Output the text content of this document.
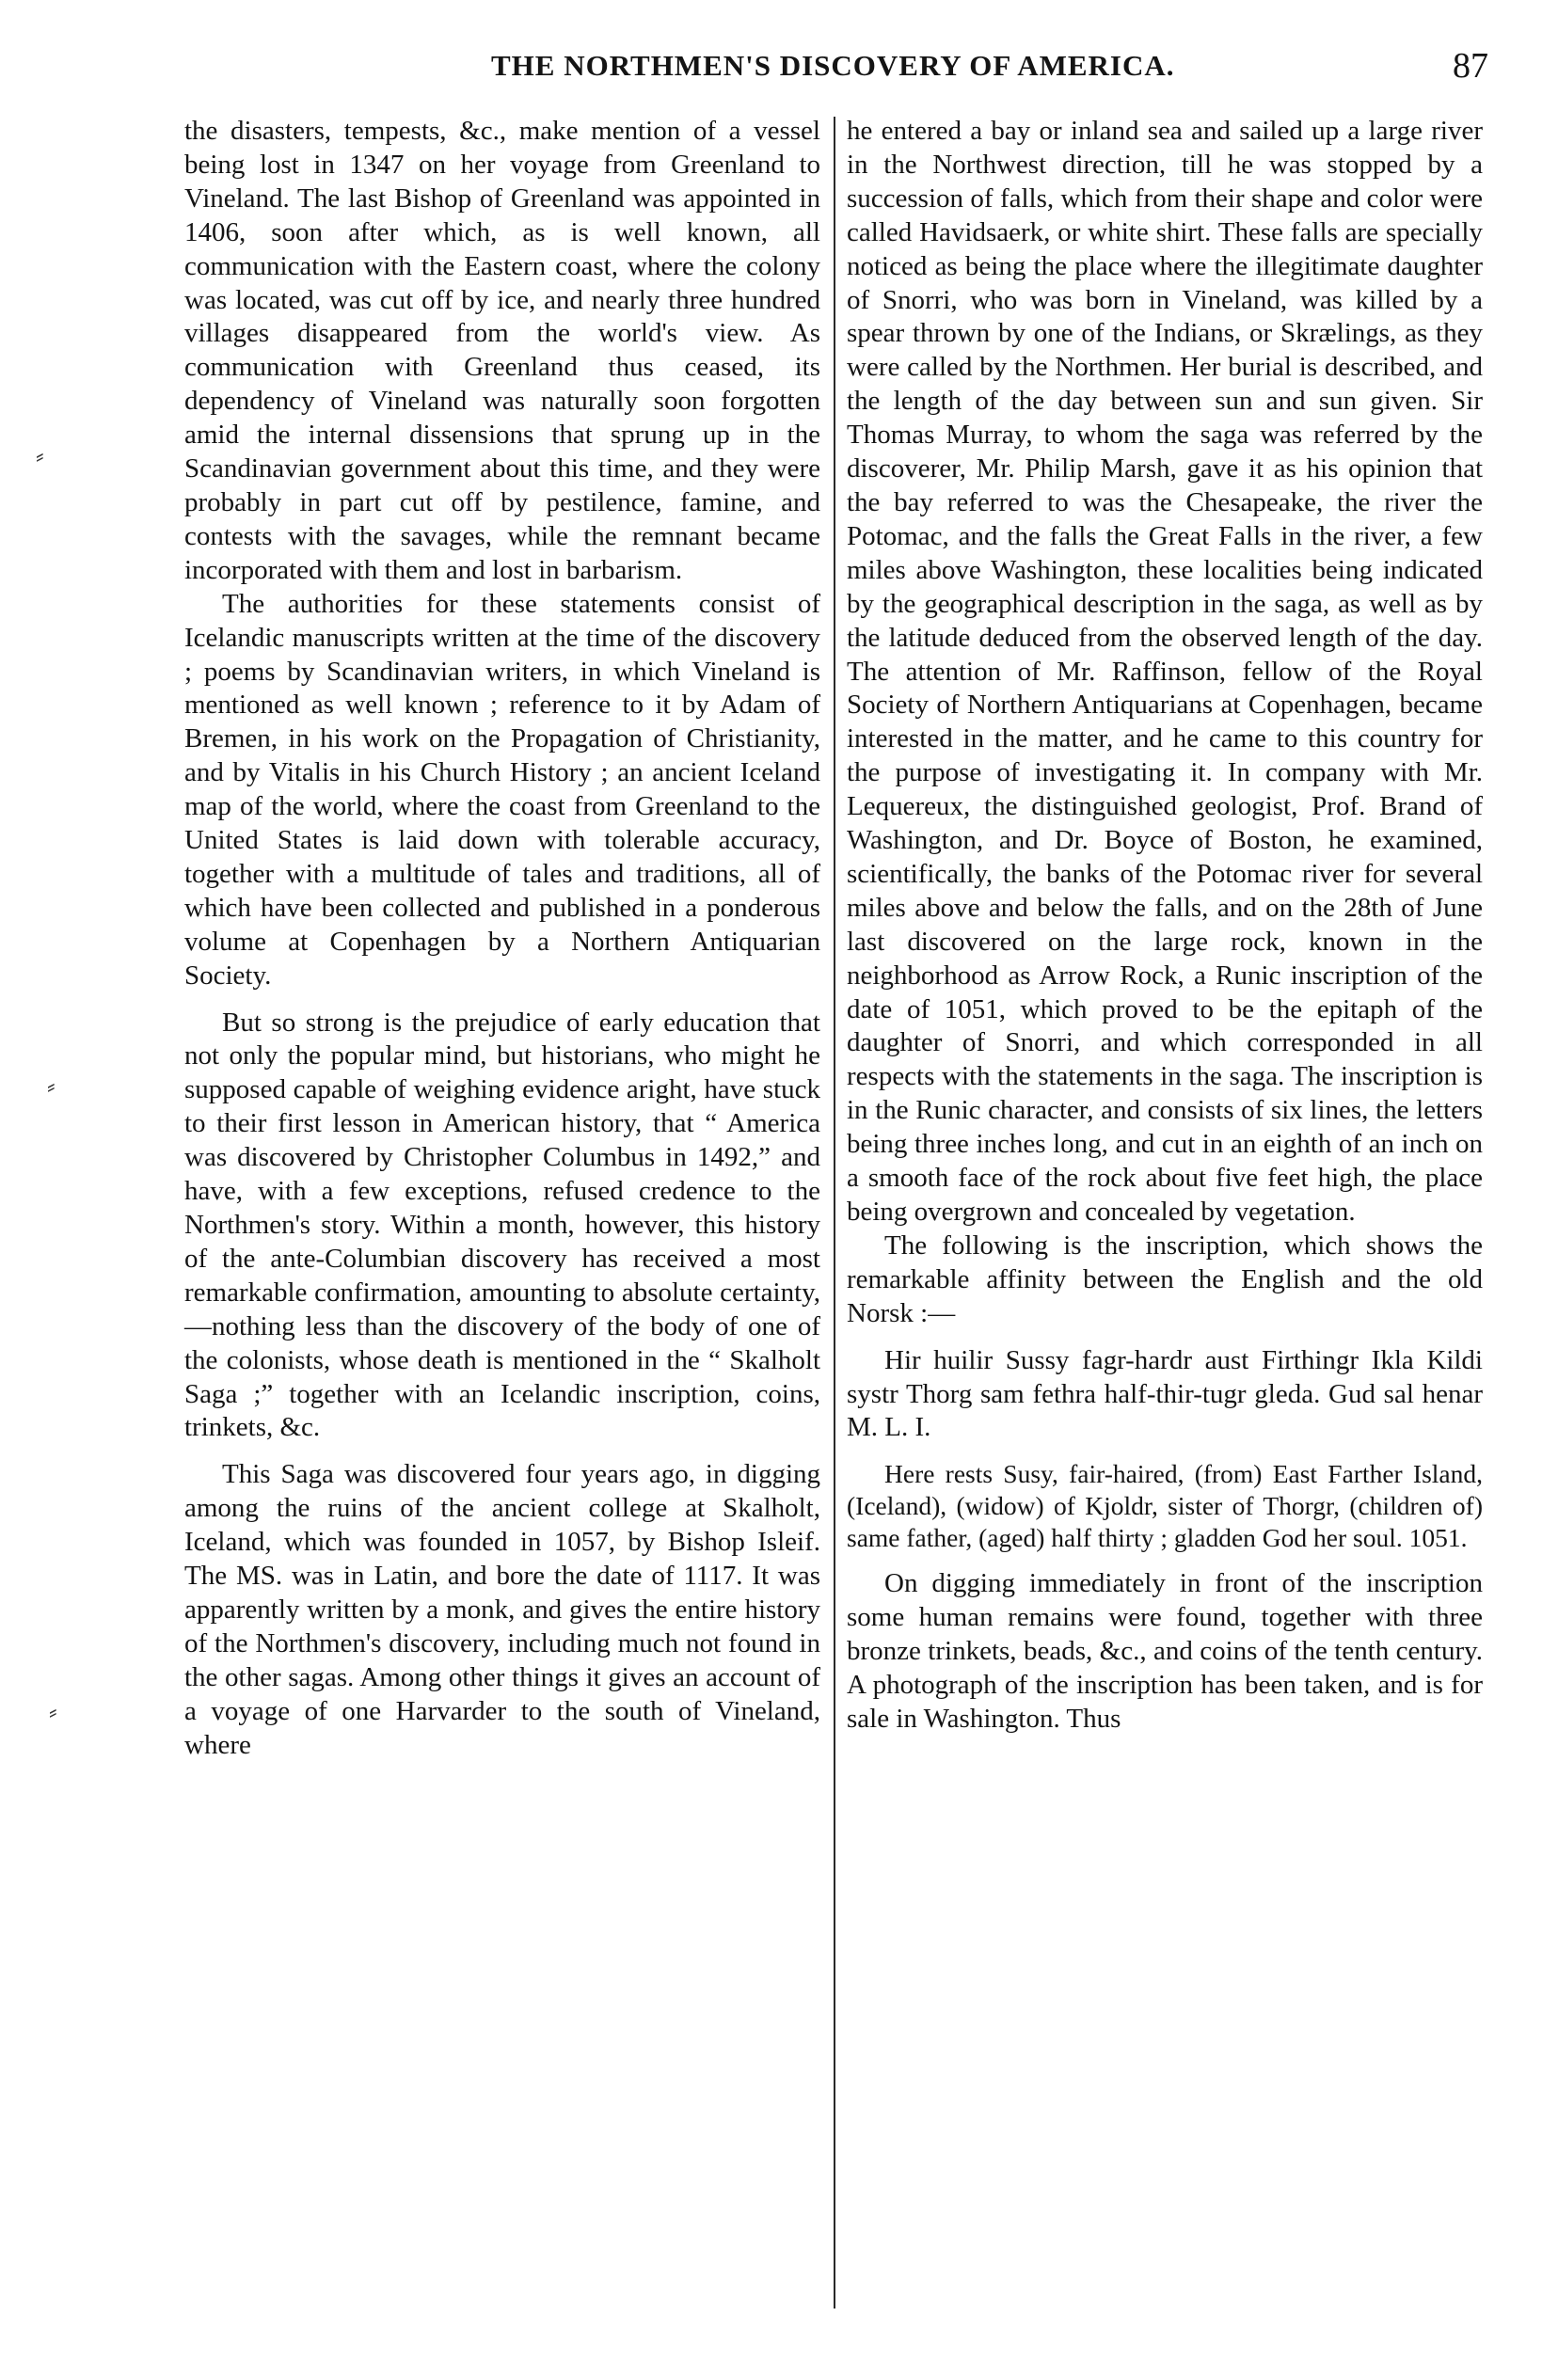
THE NORTHMEN'S DISCOVERY OF AMERICA.	87
⸗
⸗
⸗

the disasters, tempests, &c., make mention of a vessel being lost in 1347 on her voyage from Greenland to Vineland. The last Bishop of Greenland was appointed in 1406, soon after which, as is well known, all communication with the Eastern coast, where the colony was located, was cut off by ice, and nearly three hundred villages disappeared from the world's view. As communication with Greenland thus ceased, its dependency of Vineland was naturally soon forgotten amid the internal dissensions that sprung up in the Scandinavian government about this time, and they were probably in part cut off by pestilence, famine, and contests with the savages, while the remnant became incorporated with them and lost in barbarism.

The authorities for these statements consist of Icelandic manuscripts written at the time of the discovery ; poems by Scandinavian writers, in which Vineland is mentioned as well known ; reference to it by Adam of Bremen, in his work on the Propagation of Christianity, and by Vitalis in his Church History ; an ancient Iceland map of the world, where the coast from Greenland to the United States is laid down with tolerable accuracy, together with a multitude of tales and traditions, all of which have been collected and published in a ponderous volume at Copenhagen by a Northern Antiquarian Society.

But so strong is the prejudice of early education that not only the popular mind, but historians, who might he supposed capable of weighing evidence aright, have stuck to their first lesson in American history, that “ America was discovered by Christopher Columbus in 1492,” and have, with a few exceptions, refused credence to the Northmen's story. Within a month, however, this history of the ante-Columbian discovery has received a most remarkable confirmation, amounting to absolute certainty,—nothing less than the discovery of the body of one of the colonists, whose death is mentioned in the “ Skalholt Saga ;” together with an Icelandic inscription, coins, trinkets, &c.

This Saga was discovered four years ago, in digging among the ruins of the ancient college at Skalholt, Iceland, which was founded in 1057, by Bishop Isleif. The MS. was in Latin, and bore the date of 1117. It was apparently written by a monk, and gives the entire history of the Northmen's discovery, including much not found in the other sagas. Among other things it gives an account of a voyage of one Harvarder to the south of Vineland, where

he entered a bay or inland sea and sailed up a large river in the Northwest direction, till he was stopped by a succession of falls, which from their shape and color were called Havidsaerk, or white shirt. These falls are specially noticed as being the place where the illegitimate daughter of Snorri, who was born in Vineland, was killed by a spear thrown by one of the Indians, or Skrælings, as they were called by the Northmen. Her burial is described, and the length of the day between sun and sun given. Sir Thomas Murray, to whom the saga was referred by the discoverer, Mr. Philip Marsh, gave it as his opinion that the bay referred to was the Chesapeake, the river the Potomac, and the falls the Great Falls in the river, a few miles above Washington, these localities being indicated by the geographical description in the saga, as well as by the latitude deduced from the observed length of the day. The attention of Mr. Raffinson, fellow of the Royal Society of Northern Antiquarians at Copenhagen, became interested in the matter, and he came to this country for the purpose of investigating it. In company with Mr. Lequereux, the distinguished geologist, Prof. Brand of Washington, and Dr. Boyce of Boston, he examined, scientifically, the banks of the Potomac river for several miles above and below the falls, and on the 28th of June last discovered on the large rock, known in the neighborhood as Arrow Rock, a Runic inscription of the date of 1051, which proved to be the epitaph of the daughter of Snorri, and which corresponded in all respects with the statements in the saga. The inscription is in the Runic character, and consists of six lines, the letters being three inches long, and cut in an eighth of an inch on a smooth face of the rock about five feet high, the place being overgrown and concealed by vegetation.

The following is the inscription, which shows the remarkable affinity between the English and the old Norsk :—

Hir huilir Sussy fagr-hardr aust Firthingr Ikla Kildi systr Thorg sam fethra half-thir-tugr gleda. Gud sal henar M. L. I.

Here rests Susy, fair-haired, (from) East Farther Island, (Iceland), (widow) of Kjoldr, sister of Thorgr, (children of) same father, (aged) half thirty ; gladden God her soul. 1051.

On digging immediately in front of the inscription some human remains were found, together with three bronze trinkets, beads, &c., and coins of the tenth century. A photograph of the inscription has been taken, and is for sale in Washington. Thus
